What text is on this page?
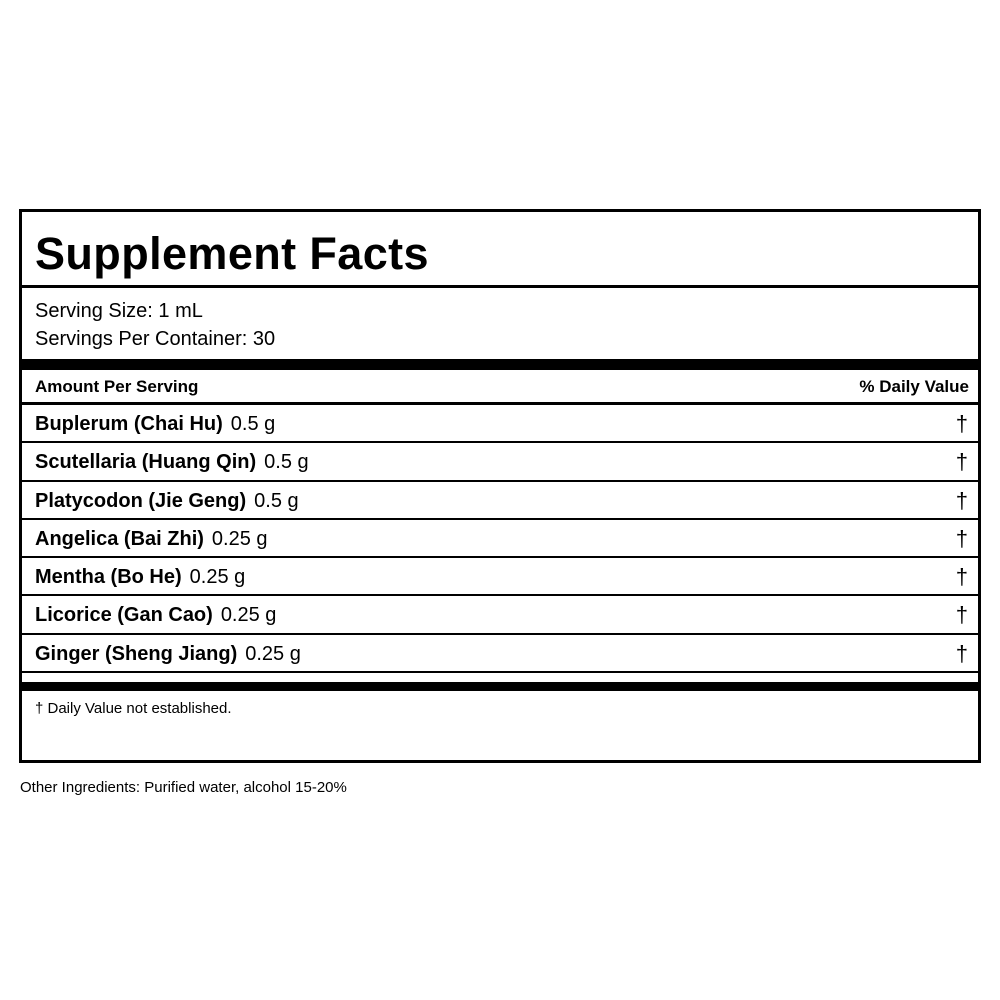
Supplement Facts
Serving Size: 1 mL
Servings Per Container: 30
Amount Per Serving	% Daily Value
Buplerum (Chai Hu) 0.5 g	†
Scutellaria (Huang Qin) 0.5 g	†
Platycodon (Jie Geng) 0.5 g	†
Angelica (Bai Zhi) 0.25 g	†
Mentha (Bo He) 0.25 g	†
Licorice (Gan Cao) 0.25 g	†
Ginger (Sheng Jiang) 0.25 g	†
† Daily Value not established.
Other Ingredients: Purified water, alcohol 15-20%
